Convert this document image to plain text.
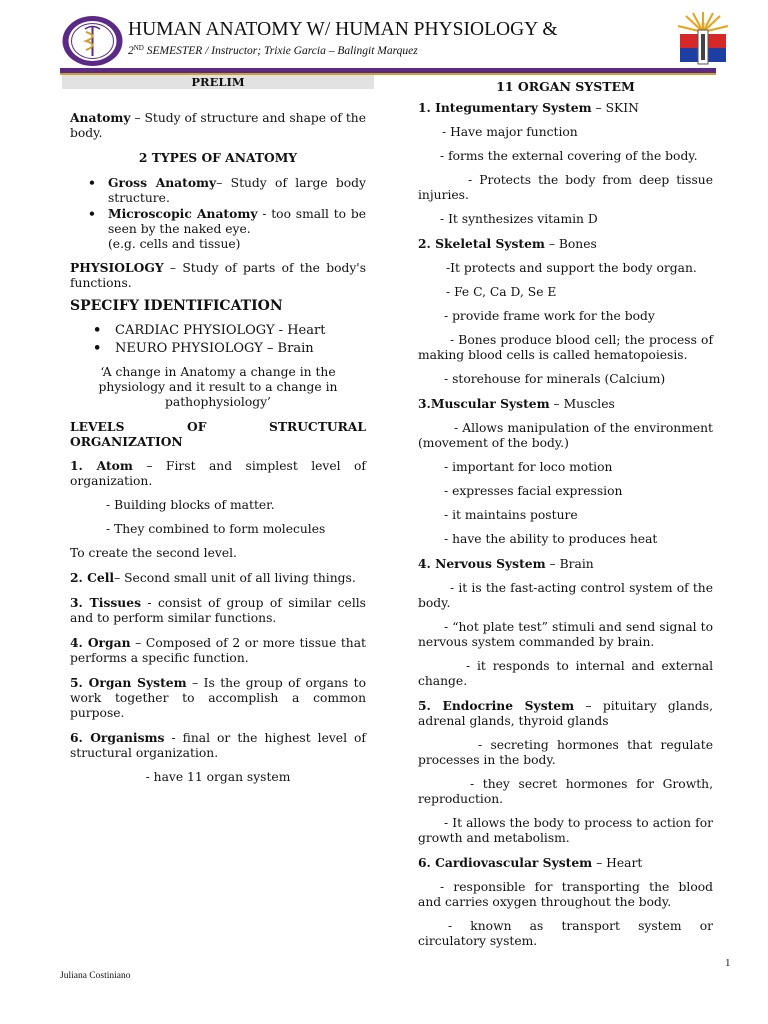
HUMAN ANATOMY W/ HUMAN PHYSIOLOGY &
2ND SEMESTER / Instructor; Trixie Garcia – Balingit Marquez
PRELIM

Anatomy – Study of structure and shape of the body.

2 TYPES OF ANATOMY

• Gross Anatomy– Study of large body structure.
• Microscopic Anatomy - too small to be seen by the naked eye.
(e.g. cells and tissue)

PHYSIOLOGY – Study of parts of the body's functions.

SPECIFY IDENTIFICATION

• CARDIAC PHYSIOLOGY - Heart
• NEURO PHYSIOLOGY – Brain

‘A change in Anatomy a change in the physiology and it result to a change in pathophysiology’

LEVELS OF STRUCTURAL ORGANIZATION

1. Atom – First and simplest level of organization.

- Building blocks of matter.

- They combined to form molecules

To create the second level.

2. Cell– Second small unit of all living things.

3. Tissues - consist of group of similar cells and to perform similar functions.

4. Organ – Composed of 2 or more tissue that performs a specific function.

5. Organ System – Is the group of organs to work together to accomplish a common purpose.

6. Organisms - final or the highest level of structural organization.

- have 11 organ system

11 ORGAN SYSTEM

1. Integumentary System – SKIN

- Have major function

- forms the external covering of the body.

- Protects the body from deep tissue injuries.

- It synthesizes vitamin D

2. Skeletal System – Bones

-It protects and support the body organ.

- Fe C, Ca D, Se E

- provide frame work for the body

- Bones produce blood cell; the process of making blood cells is called hematopoiesis.

- storehouse for minerals (Calcium)

3.Muscular System – Muscles

- Allows manipulation of the environment (movement of the body.)

- important for loco motion

- expresses facial expression

- it maintains posture

- have the ability to produces heat

4. Nervous System – Brain

- it is the fast-acting control system of the body.

- “hot plate test” stimuli and send signal to nervous system commanded by brain.

- it responds to internal and external change.

5. Endocrine System – pituitary glands, adrenal glands, thyroid glands

- secreting hormones that regulate processes in the body.

- they secret hormones for Growth, reproduction.

- It allows the body to process to action for growth and metabolism.

6. Cardiovascular System – Heart

- responsible for transporting the blood and carries oxygen throughout the body.

- known as transport system or circulatory system.

1
Juliana Costiniano
